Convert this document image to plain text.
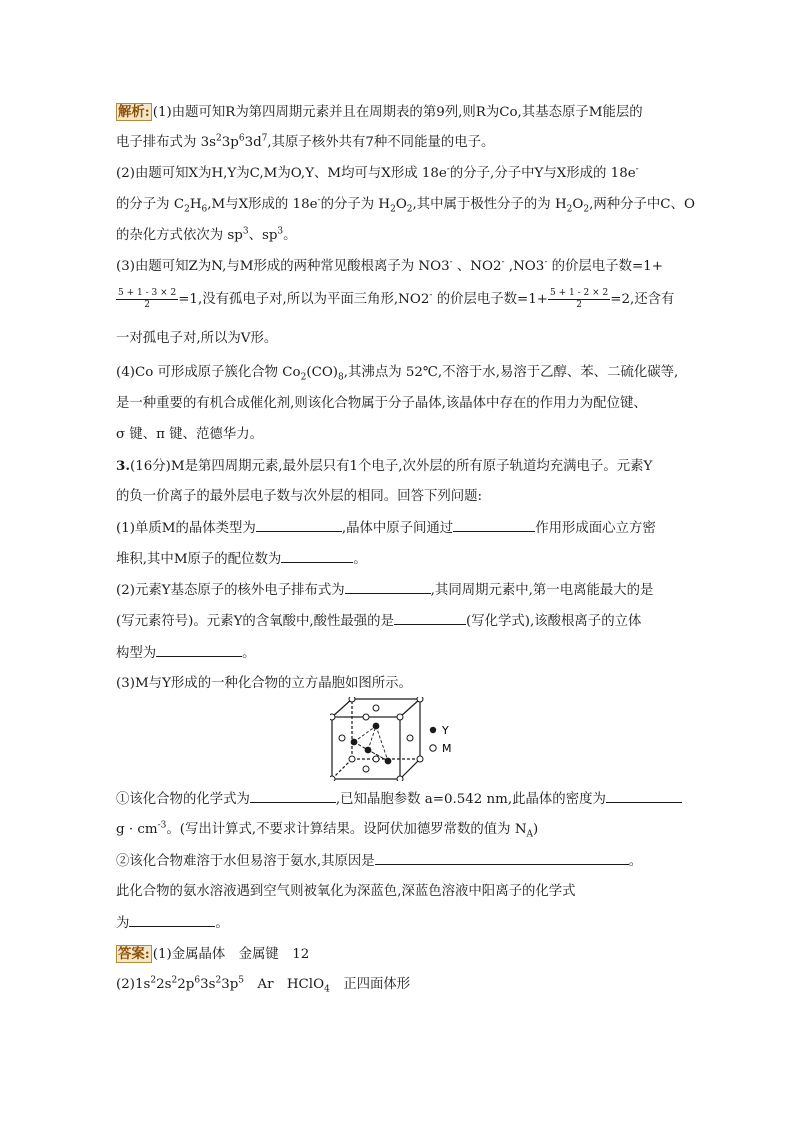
解析: (1)由题可知R为第四周期元素并且在周期表的第9列,则R为Co,其基态原子M能层的
电子排布式为 $3s^23p^63d^7$,其原子核外共有7种不同能量的电子。
(2)由题可知X为H,Y为C,M为O,Y、M均可与X形成 18e-的分子,分子中Y与X形成的 18e-
的分子为 $C_2H_6,M$与X形成的 18e-的分子为 $H_2O_2$,其中属于极性分子的为 $H_2O_2$,两种分子中C、O
的杂化方式依次为 $sp^3$、$sp^3$。
(3)由题可知Z为N,与M形成的两种常见酸根离子为 NO3- 、NO2- ,NO3- 的价层电子数=1+
$\frac{5 + 1 - 3 \times 2}{2} =1$,没有孤电子对,所以为平面三角形,NO2- 的价层电子数$=1+ \frac{5 + 1 - 2 \times 2}{2} =2$,还含有
一对孤电子对,所以为V形。
(4)Co 可形成原子簇化合物 $Co_2(CO)_8$,其沸点为 52℃,不溶于水,易溶于乙醇、苯、二硫化碳等,
是一种重要的有机合成催化剂,则该化合物属于分子晶体,该晶体中存在的作用力为配位键、
σ 键、π 键、范德华力。
3.(16分)M是第四周期元素,最外层只有1个电子,次外层的所有原子轨道均充满电子。元素Y
的负一价离子的最外层电子数与次外层的相同。回答下列问题:
(1)单质M的晶体类型为	,晶体中原子间通过	作用形成面心立方密
堆积,其中M原子的配位数为	。
(2)元素Y基态原子的核外电子排布式为	,其同周期元素中,第一电离能最大的是
(写元素符号)。元素Y的含氧酸中,酸性最强的是	(写化学式),该酸根离子的立体
构型为	。
(3)M与Y形成的一种化合物的立方晶胞如图所示。
Y
M
①该化合物的化学式为	,已知晶胞参数 a=0.542 nm,此晶体的密度为
$g \cdot cm^{-3}$。(写出计算式,不要求计算结果。设阿伏加德罗常数的值为 $N_A$)
②该化合物难溶于水但易溶于氨水,其原因是	。
此化合物的氨水溶液遇到空气则被氧化为深蓝色,深蓝色溶液中阳离子的化学式
为	。
答案: (1)金属晶体　金属键　12
$(2)1s^22s^22p^63s^23p^5$　Ar　HClO$_4$　正四面体形
